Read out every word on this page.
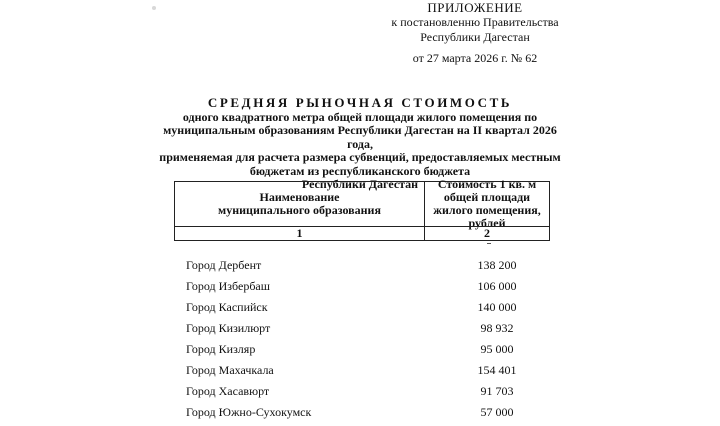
ПРИЛОЖЕНИЕ
к постановленню Правительства
Республики Дагестан
от 27 марта 2026 г. № 62
СРЕДНЯЯ РЫНОЧНАЯ СТОИМОСТЬ
одного квадратного метра общей площади жилого помещения по
муниципальным образованиям Республики Дагестан на II квартал 2026 года,
применяемая для расчета размера субвенций, предоставляемых местным
бюджетам из республиканского бюджета
Республики Дагестан
Наименование муниципального образования
Стоимость 1 кв. м общей площади жилого помещения, рублей
1	2
Город Дербент	138 200
Город Избербаш	106 000
Город Каспийск	140 000
Город Кизилюрт	98 932
Город Кизляр	95 000
Город Махачкала	154 401
Город Хасавюрт	91 703
Город Южно-Сухокумск	57 000
